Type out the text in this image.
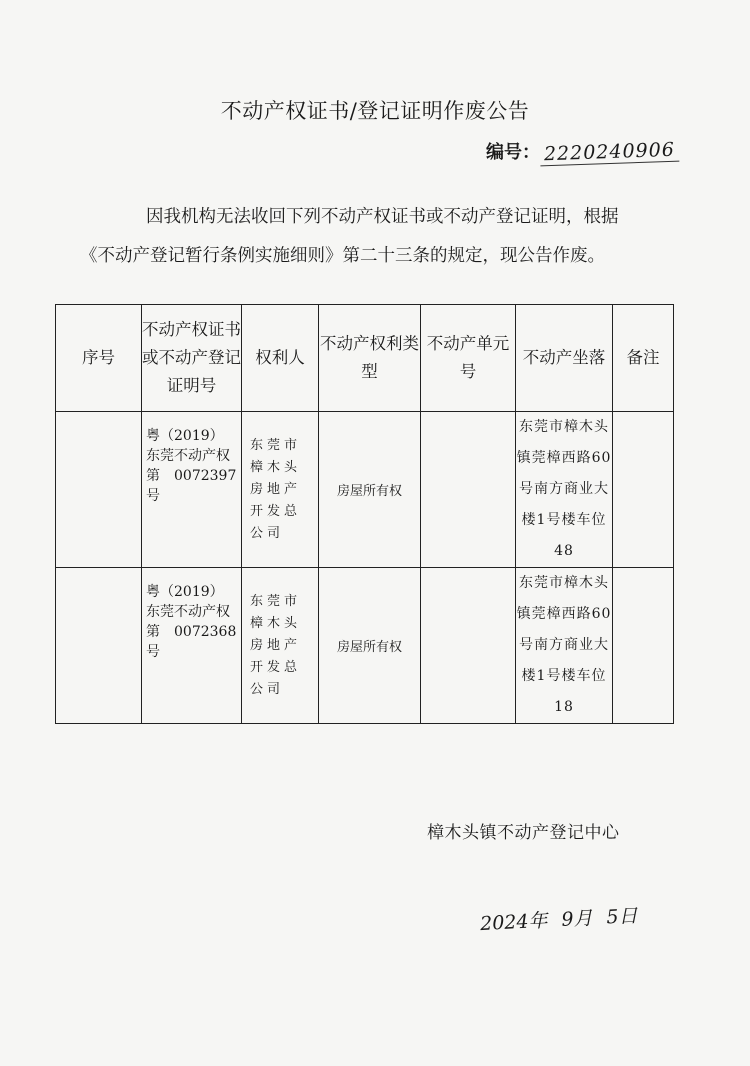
不动产权证书/登记证明作废公告
编号： 2220240906
因我机构无法收回下列不动产权证书或不动产登记证明，根据
《不动产登记暂行条例实施细则》第二十三条的规定，现公告作废。
序号	不动产权证书或不动产登记证明号	权利人	不动产权利类型	不动产单元号	不动产坐落	备注

	粤（2019）东莞不动产权第　0072397号	东莞市樟木头房地产开发总公司	房屋所有权		东莞市樟木头镇莞樟西路60号南方商业大楼1号楼车位48	

	粤（2019）东莞不动产权第　0072368号	东莞市樟木头房地产开发总公司	房屋所有权		东莞市樟木头镇莞樟西路60号南方商业大楼1号楼车位18	
樟木头镇不动产登记中心
2024年 9月 5日
